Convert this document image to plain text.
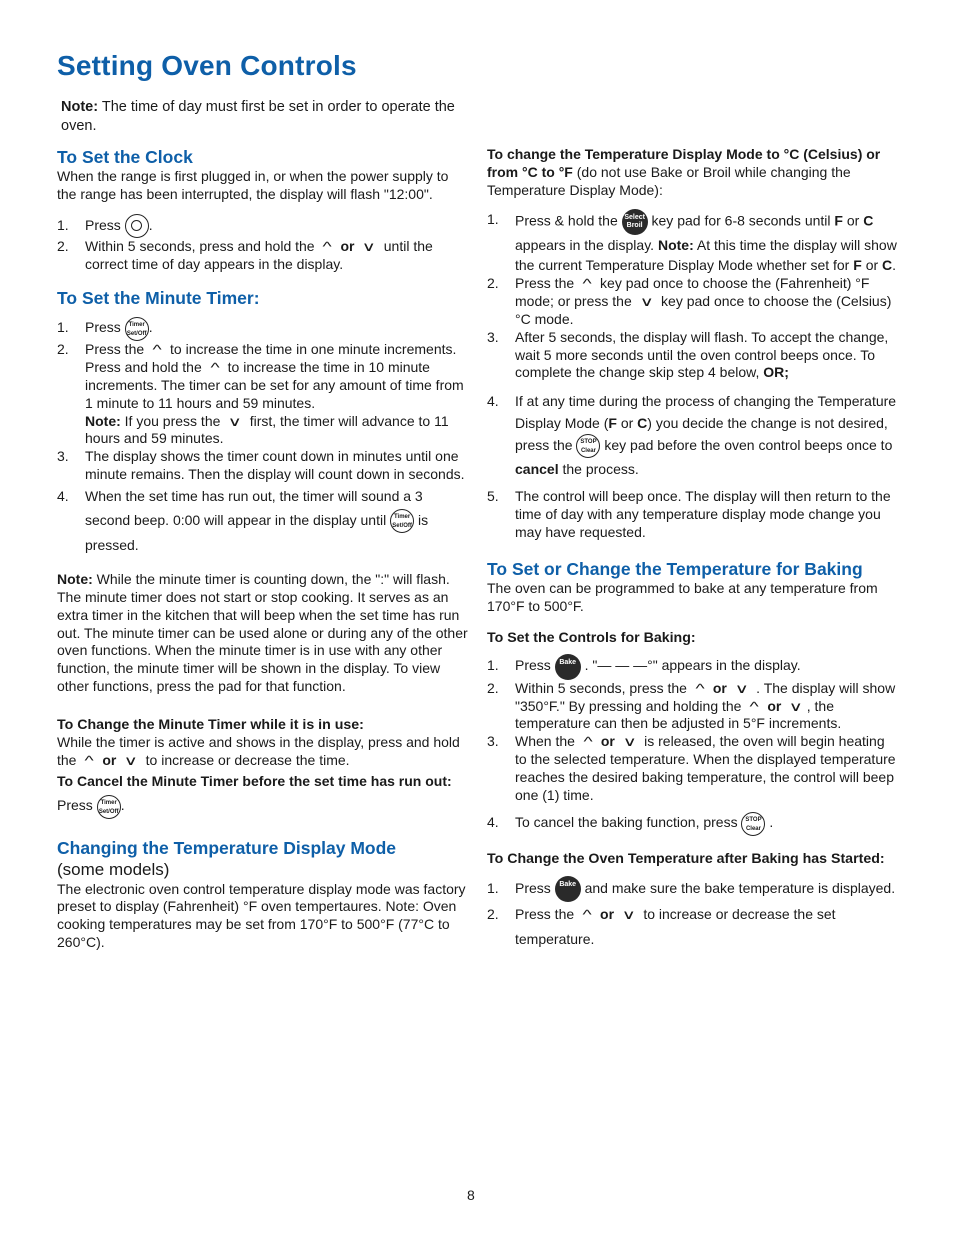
Setting Oven Controls
Note: The time of day must first be set in order to operate the oven.
To Set the Clock

When the range is first plugged in, or when the power supply to the range has been interrupted, the display will flash "12:00".

1. Press .
2. Within 5 seconds, press and hold the ^ or ∨ until the correct time of day appears in the display.
To Set the Minute Timer:
1. Press Timer Set/Off .
2. Press the ^ to increase the time in one minute increments. Press and hold the ^ to increase the time in 10 minute increments. The timer can be set for any amount of time from 1 minute to 11 hours and 59 minutes.
Note: If you press the ∨ first, the timer will advance to 11 hours and 59 minutes.
3. The display shows the timer count down in minutes until one minute remains. Then the display will count down in seconds.
4. When the set time has run out, the timer will sound a 3 second beep. 0:00 will appear in the display until Timer Set/Off is pressed.

Note: While the minute timer is counting down, the ":" will flash. The minute timer does not start or stop cooking. It serves as an extra timer in the kitchen that will beep when the set time has run out. The minute timer can be used alone or during any of the other oven functions. When the minute timer is in use with any other function, the minute timer will be shown in the display. To view other functions, press the pad for that function.

To Change the Minute Timer while it is in use:

While the timer is active and shows in the display, press and hold the ^ or ∨ to increase or decrease the time.

To Cancel the Minute Timer before the set time has run out: Press Timer Set/Off .

Changing the Temperature Display Mode
(some models)

The electronic oven control temperature display mode was factory preset to display (Fahrenheit) °F oven tempertaures. Note: Oven cooking temperatures may be set from 170°F to 500°F (77°C to 260°C).

To change the Temperature Display Mode to °C (Celsius) or from °C to °F (do not use Bake or Broil while changing the Temperature Display Mode):

1. Press & hold the Select Broil key pad for 6-8 seconds until F or C appears in the display. Note: At this time the display will show the current Temperature Display Mode whether set for F or C.
2. Press the ^ key pad once to choose the (Fahrenheit) °F mode; or press the ∨ key pad once to choose the (Celsius) °C mode.
3. After 5 seconds, the display will flash. To accept the change, wait 5 more seconds until the oven control beeps once. To complete the change skip step 4 below, OR;
4. If at any time during the process of changing the Temperature Display Mode (F or C) you decide the change is not desired, press the STOP Clear key pad before the oven control beeps once to cancel the process.
5. The control will beep once. The display will then return to the time of day with any temperature display mode change you may have requested.
To Set or Change the Temperature for Baking

The oven can be programmed to bake at any temperature from 170°F to 500°F.

To Set the Controls for Baking:
1. Press Bake . "— — —°" appears in the display.
2. Within 5 seconds, press the ^ or ∨ . The display will show "350°F." By pressing and holding the ^ or ∨ , the temperature can then be adjusted in 5°F increments.
3. When the ^ or ∨ is released, the oven will begin heating to the selected temperature. When the displayed temperature reaches the desired baking temperature, the control will beep one (1) time.
4. To cancel the baking function, press STOP Clear .
To Change the Oven Temperature after Baking has Started:
1. Press Bake and make sure the bake temperature is displayed.
2. Press the ^ or ∨ to increase or decrease the set temperature.
8
